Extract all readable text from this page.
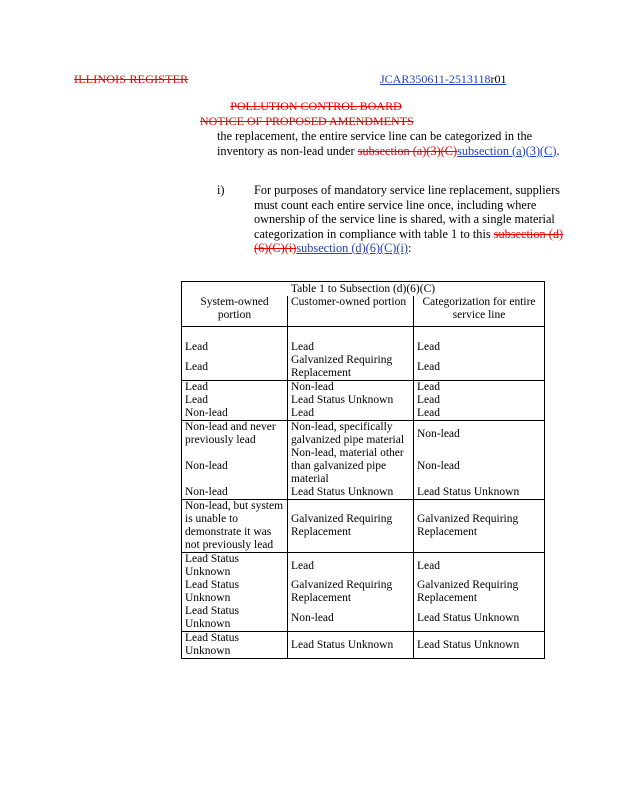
ILLINOIS REGISTER	JCAR350611-2513118r01
POLLUTION CONTROL BOARD
NOTICE OF PROPOSED AMENDMENTS
the replacement, the entire service line can be categorized in the inventory as non-lead under subsection (a)(3)(C)subsection (a)(3)(C).
i) For purposes of mandatory service line replacement, suppliers must count each entire service line once, including where ownership of the service line is shared, with a single material categorization in compliance with table 1 to this subsection (d)(6)(C)(i)subsection (d)(6)(C)(i):
Table 1 to Subsection (d)(6)(C)		
System-owned portion	Customer-owned portion	Categorization for entire service line
Lead	Lead	Lead
Lead	Galvanized Requiring Replacement	Lead
Lead	Non-lead	Lead
Lead	Lead Status Unknown	Lead
Non-lead	Lead	Lead
Non-lead and never previously lead	Non-lead, specifically galvanized pipe material	Non-lead
Non-lead	Non-lead, material other than galvanized pipe material	Non-lead
Non-lead	Lead Status Unknown	Lead Status Unknown
Non-lead, but system is unable to demonstrate it was not previously lead	Galvanized Requiring Replacement	Galvanized Requiring Replacement
Lead Status Unknown	Lead	Lead
Lead Status Unknown	Galvanized Requiring Replacement	Galvanized Requiring Replacement
Lead Status Unknown	Non-lead	Lead Status Unknown
Lead Status Unknown	Lead Status Unknown	Lead Status Unknown
